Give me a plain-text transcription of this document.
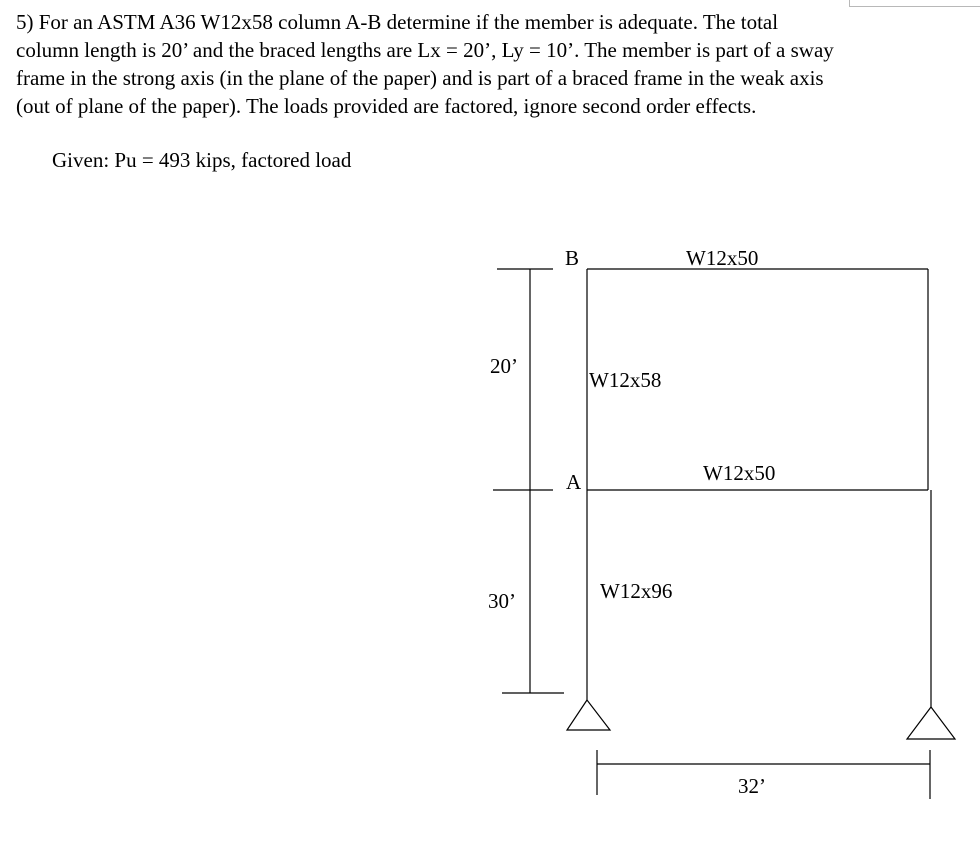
5) For an ASTM A36 W12x58 column A-B determine if the member is adequate. The total column length is 20’ and the braced lengths are Lx = 20’, Ly = 10’. The member is part of a sway frame in the strong axis (in the plane of the paper) and is part of a braced frame in the weak axis (out of plane of the paper). The loads provided are factored, ignore second order effects.

Given: Pu = 493 kips, factored load
B	W12x50
W12x58
A	W12x50
W12x96
20’
30’
32’
